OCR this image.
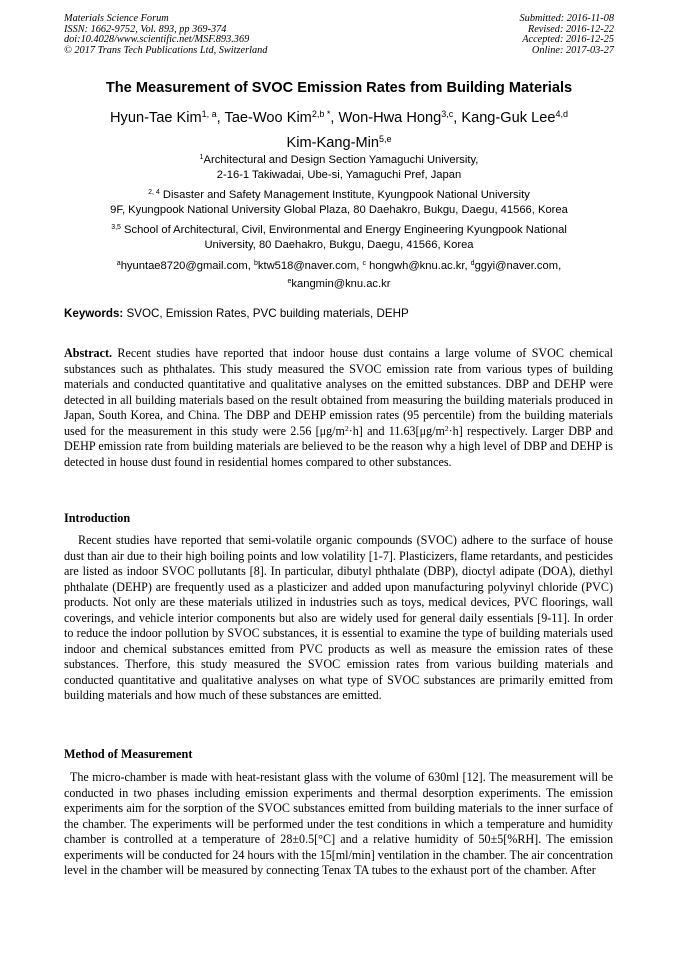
Materials Science Forum
ISSN: 1662-9752, Vol. 893, pp 369-374
doi:10.4028/www.scientific.net/MSF.893.369
© 2017 Trans Tech Publications Ltd, Switzerland
Submitted: 2016-11-08
Revised: 2016-12-22
Accepted: 2016-12-25
Online: 2017-03-27
The Measurement of SVOC Emission Rates from Building Materials
Hyun-Tae Kim$^{1, a}$, Tae-Woo Kim$^{2,b *}$, Won-Hwa Hong$^{3,c}$, Kang-Guk Lee$^{4,d}$
Kim-Kang-Min$^{5,e}$
$^1$Architectural and Design Section Yamaguchi University,
2-16-1 Takiwadai, Ube-si, Yamaguchi Pref, Japan
$^{2, 4}$ Disaster and Safety Management Institute, Kyungpook National University
9F, Kyungpook National University Global Plaza, 80 Daehakro, Bukgu, Daegu, 41566, Korea
$^{3,5}$ School of Architectural, Civil, Environmental and Energy Engineering Kyungpook National
University, 80 Daehakro, Bukgu, Daegu, 41566, Korea
$^a$hyuntae8720@gmail.com, $^b$ktw518@naver.com, $^c$ hongwh@knu.ac.kr, $^d$ggyi@naver.com,
$^e$kangmin@knu.ac.kr
Keywords: SVOC, Emission Rates, PVC building materials, DEHP

Abstract. Recent studies have reported that indoor house dust contains a large volume of SVOC chemical substances such as phthalates. This study measured the SVOC emission rate from various types of building materials and conducted quantitative and qualitative analyses on the emitted substances. DBP and DEHP were detected in all building materials based on the result obtained from measuring the building materials produced in Japan, South Korea, and China. The DBP and DEHP emission rates (95 percentile) from the building materials used for the measurement in this study were 2.56 $[\mu g/m^2\cdot h]$ and $11.63[\mu g/m^2\cdot h]$ respectively. Larger DBP and DEHP emission rate from building materials are believed to be the reason why a high level of DBP and DEHP is detected in house dust found in residential homes compared to other substances.

Introduction

Recent studies have reported that semi-volatile organic compounds (SVOC) adhere to the surface of house dust than air due to their high boiling points and low volatility [1-7]. Plasticizers, flame retardants, and pesticides are listed as indoor SVOC pollutants [8]. In particular, dibutyl phthalate (DBP), dioctyl adipate (DOA), diethyl phthalate (DEHP) are frequently used as a plasticizer and added upon manufacturing polyvinyl chloride (PVC) products. Not only are these materials utilized in industries such as toys, medical devices, PVC floorings, wall coverings, and vehicle interior components but also are widely used for general daily essentials [9-11]. In order to reduce the indoor pollution by SVOC substances, it is essential to examine the type of building materials used indoor and chemical substances emitted from PVC products as well as measure the emission rates of these substances. Therfore, this study measured the SVOC emission rates from various building materials and conducted quantitative and qualitative analyses on what type of SVOC substances are primarily emitted from building materials and how much of these substances are emitted.

Method of Measurement

The micro-chamber is made with heat-resistant glass with the volume of 630ml [12]. The measurement will be conducted in two phases including emission experiments and thermal desorption experiments. The emission experiments aim for the sorption of the SVOC substances emitted from building materials to the inner surface of the chamber. The experiments will be performed under the test conditions in which a temperature and humidity chamber is controlled at a temperature of 28±0.5[°C] and a relative humidity of 50±5[%RH]. The emission experiments will be conducted for 24 hours with the 15[ml/min] ventilation in the chamber. The air concentration level in the chamber will be measured by connecting Tenax TA tubes to the exhaust port of the chamber. After
